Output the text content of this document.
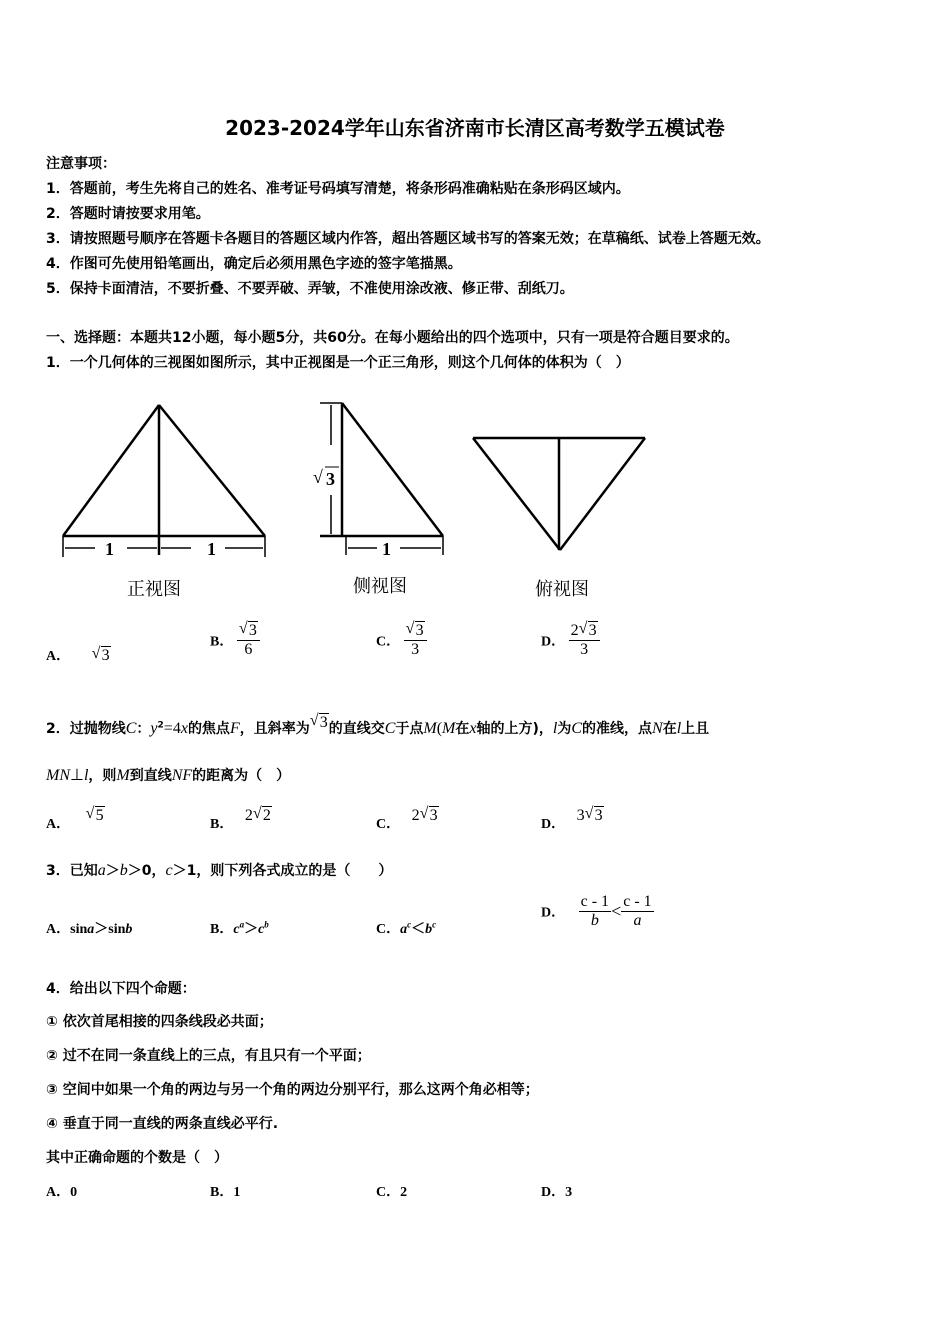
2023-2024学年山东省济南市长清区高考数学五模试卷
注意事项：
1．答题前，考生先将自己的姓名、准考证号码填写清楚，将条形码准确粘贴在条形码区域内。
2．答题时请按要求用笔。
3．请按照题号顺序在答题卡各题目的答题区域内作答，超出答题区域书写的答案无效；在草稿纸、试卷上答题无效。
4．作图可先使用铅笔画出，确定后必须用黑色字迹的签字笔描黑。
5．保持卡面清洁，不要折叠、不要弄破、弄皱，不准使用涂改液、修正带、刮纸刀。
一、选择题：本题共12小题，每小题5分，共60分。在每小题给出的四个选项中，只有一项是符合题目要求的。
1．一个几何体的三视图如图所示，其中正视图是一个正三角形，则这个几何体的体积为（　）
1	1
正视图
√ 3
1
侧视图	俯视图
A． √ 3
B． $\frac{√ 3}{6}$	C． $\frac{√ 3}{3}$	D． $\frac{2 √ 3}{3}$
2．过抛物线C：$y^2=4x$的焦点F，且斜率为 √ 3的直线交C于点M(M在x轴的上方)，l为C的准线，点N在l上且
MN⊥l，则M到直线NF的距离为（　）
A．
√ 5
B． 2 √ 2
C． 2 √ 3
D． 3 √ 3
3．已知a＞b＞0，c＞1，则下列各式成立的是（　　）
A．sina＞sinb	B．$c^a>c^b$	C．$a^c<b^c$
D． $\frac{c - 1}{b} < \frac{c - 1}{a}$
4．给出以下四个命题：
① 依次首尾相接的四条线段必共面；
② 过不在同一条直线上的三点，有且只有一个平面；
③ 空间中如果一个角的两边与另一个角的两边分别平行，那么这两个角必相等；
④ 垂直于同一直线的两条直线必平行.
其中正确命题的个数是（　）
A．0	B．1	C．2	D．3
